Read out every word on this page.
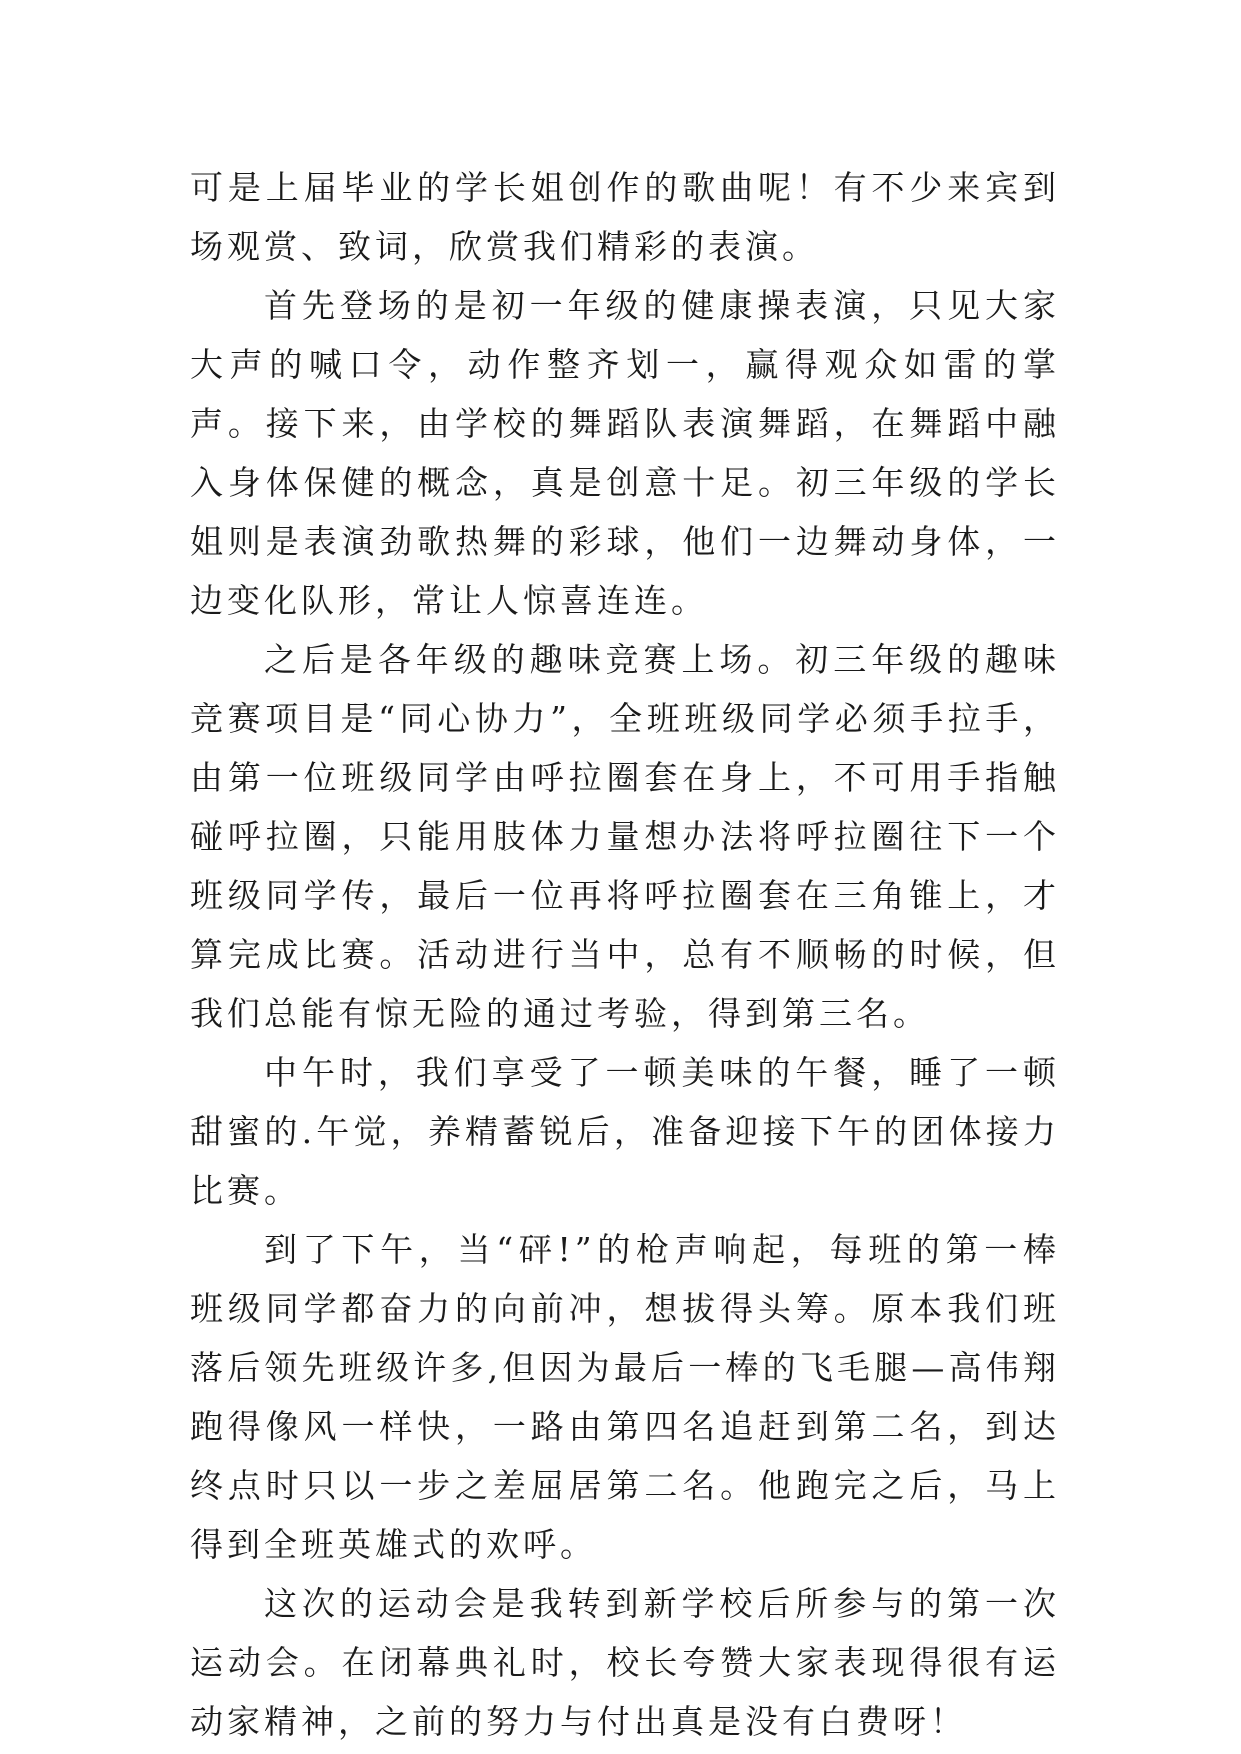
可是上届毕业的学长姐创作的歌曲呢！有不少来宾到场观赏、致词，欣赏我们精彩的表演。

首先登场的是初一年级的健康操表演，只见大家大声的喊口令，动作整齐划一，赢得观众如雷的掌声。接下来，由学校的舞蹈队表演舞蹈，在舞蹈中融入身体保健的概念，真是创意十足。初三年级的学长姐则是表演劲歌热舞的彩球，他们一边舞动身体，一边变化队形，常让人惊喜连连。

之后是各年级的趣味竞赛上场。初三年级的趣味竞赛项目是“同心协力”，全班班级同学必须手拉手，由第一位班级同学由呼拉圈套在身上，不可用手指触碰呼拉圈，只能用肢体力量想办法将呼拉圈往下一个班级同学传，最后一位再将呼拉圈套在三角锥上，才算完成比赛。活动进行当中，总有不顺畅的时候，但我们总能有惊无险的通过考验，得到第三名。

中午时，我们享受了一顿美味的午餐，睡了一顿甜蜜的.午觉，养精蓄锐后，准备迎接下午的团体接力比赛。

到了下午，当“砰!”的枪声响起，每班的第一棒班级同学都奋力的向前冲，想拔得头筹。原本我们班落后领先班级许多,但因为最后一棒的飞毛腿—高伟翔跑得像风一样快，一路由第四名追赶到第二名，到达终点时只以一步之差屈居第二名。他跑完之后，马上得到全班英雄式的欢呼。

这次的运动会是我转到新学校后所参与的第一次运动会。在闭幕典礼时，校长夸赞大家表现得很有运动家精神，之前的努力与付出真是没有白费呀！
